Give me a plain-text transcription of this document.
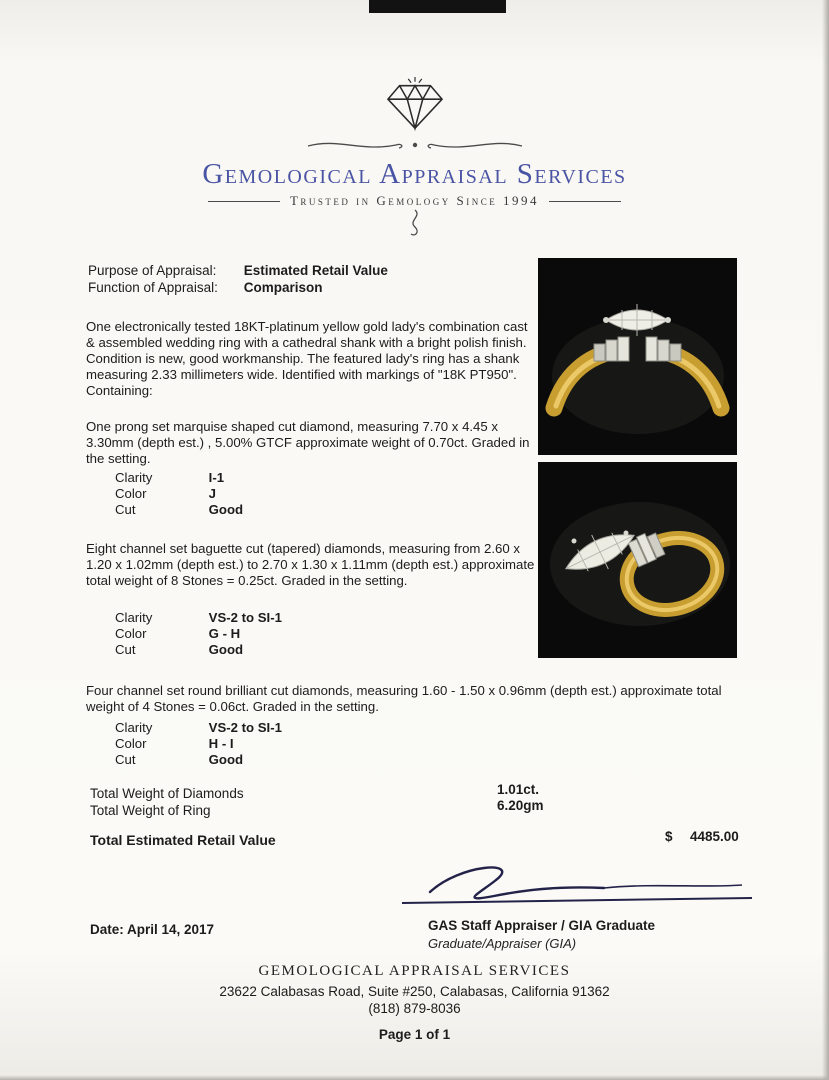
Gemological Appraisal Services
Trusted in Gemology Since 1994
Purpose of Appraisal: Estimated Retail Value
Function of Appraisal: Comparison

One electronically tested 18KT-platinum yellow gold lady's combination cast & assembled wedding ring with a cathedral shank with a bright polish finish. Condition is new, good workmanship. The featured lady's ring has a shank measuring 2.33 millimeters wide. Identified with markings of "18K PT950". Containing:

One prong set marquise shaped cut diamond, measuring 7.70 x 4.45 x 3.30mm (depth est.) , 5.00% GTCF approximate weight of 0.70ct. Graded in the setting.

Clarity	I-1
Color	J
Cut	Good

Eight channel set baguette cut (tapered) diamonds, measuring from 2.60 x 1.20 x 1.02mm (depth est.) to 2.70 x 1.30 x 1.11mm (depth est.) approximate total weight of 8 Stones = 0.25ct. Graded in the setting.

Clarity	VS-2 to SI-1
Color	G - H
Cut	Good

Four channel set round brilliant cut diamonds, measuring 1.60 - 1.50 x 0.96mm (depth est.) approximate total weight of 4 Stones = 0.06ct. Graded in the setting.

Clarity	VS-2 to SI-1
Color	H - I
Cut	Good
Total Weight of Diamonds	1.01ct.
Total Weight of Ring	6.20gm
Total Estimated Retail Value	$ 4485.00
GAS Staff Appraiser / GIA Graduate
Graduate/Appraiser (GIA)
Date: April 14, 2017
GEMOLOGICAL APPRAISAL SERVICES
23622 Calabasas Road, Suite #250, Calabasas, California 91362
(818) 879-8036
Page 1 of 1
